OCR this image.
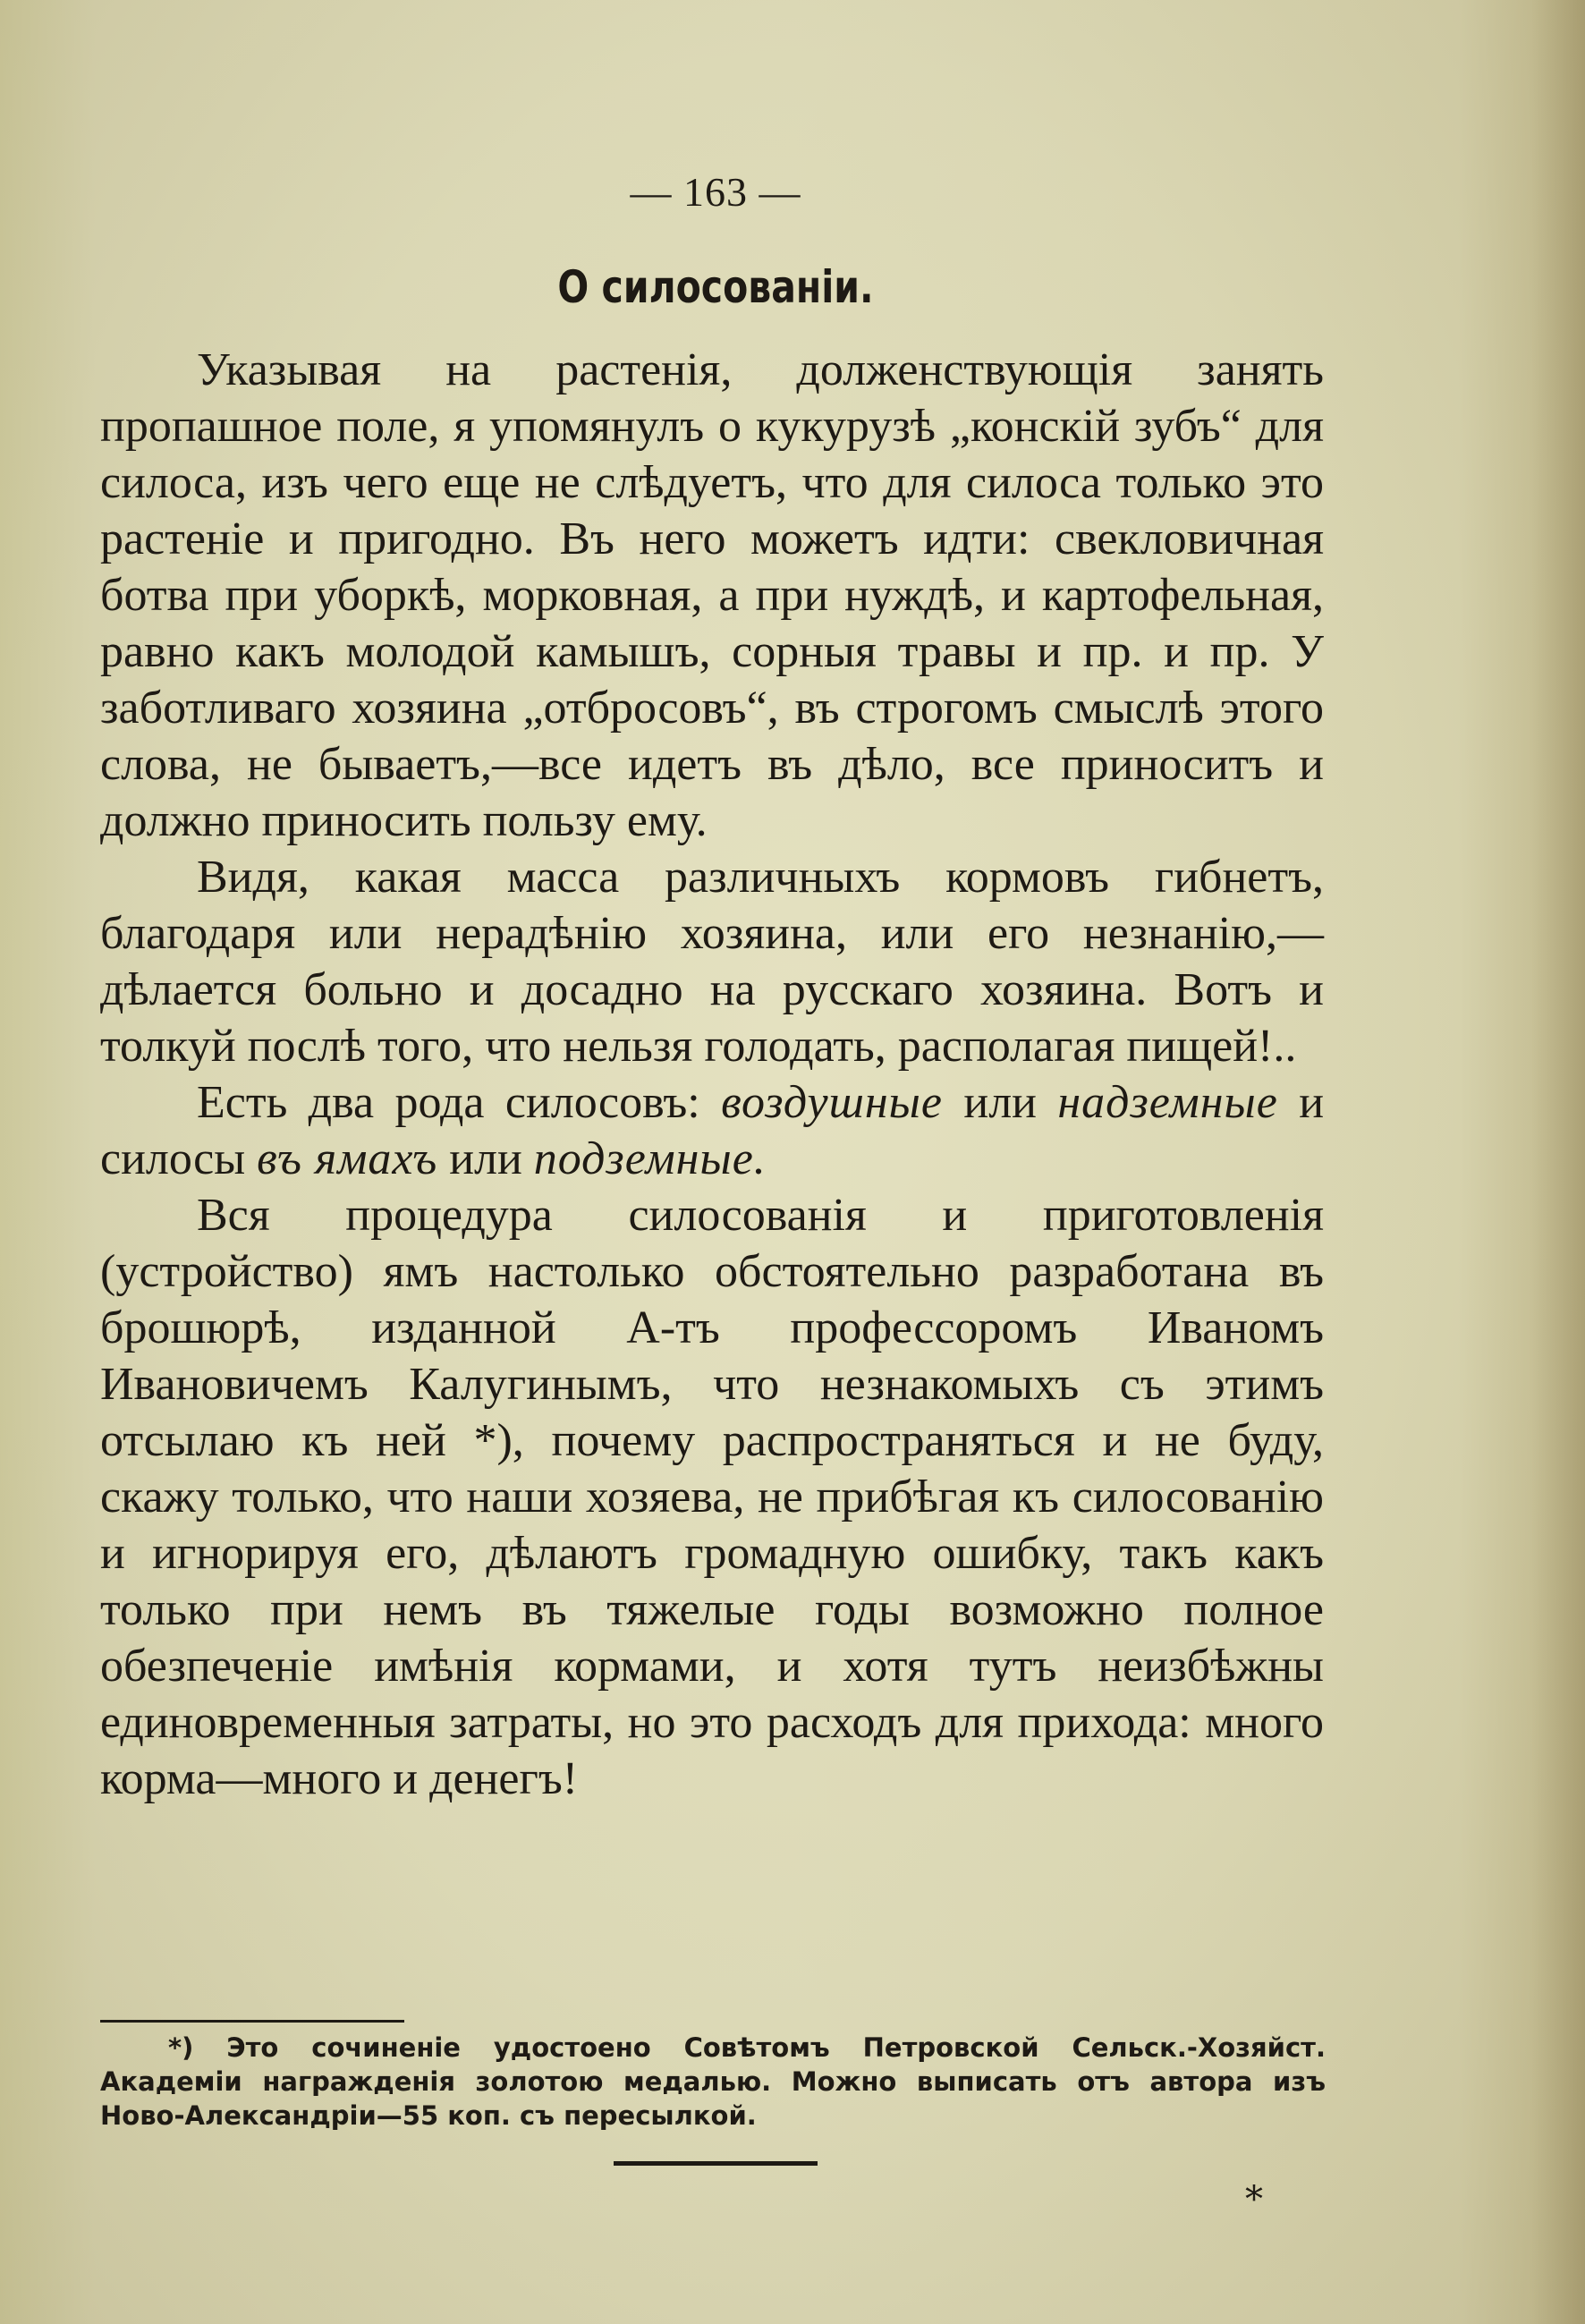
— 163 —
О силосованіи.

Указывая на растенія, долженствующія занять пропашное поле, я упомянулъ о кукурузѣ „конскій зубъ“ для силоса, изъ чего еще не слѣдуетъ, что для силоса только это растеніе и пригодно. Въ него можетъ идти: свекловичная ботва при уборкѣ, морковная, а при нуждѣ, и картофельная, равно какъ молодой камышъ, сорныя травы и пр. и пр. У заботливаго хозяина „отбросовъ“, въ строгомъ смыслѣ этого слова, не бываетъ,—все идетъ въ дѣло, все приноситъ и должно приносить пользу ему.

Видя, какая масса различныхъ кормовъ гибнетъ, благодаря или нерадѣнію хозяина, или его незнанію,—дѣлается больно и досадно на русскаго хозяина. Вотъ и толкуй послѣ того, что нельзя голодать, располагая пищей!..

Есть два рода силосовъ: воздушные или надземные и силосы въ ямахъ или подземные.

Вся процедура силосованія и приготовленія (устройство) ямъ настолько обстоятельно разработана въ брошюрѣ, изданной А-тъ профессоромъ Иваномъ Ивановичемъ Калугинымъ, что незнакомыхъ съ этимъ отсылаю къ ней *), почему распространяться и не буду, скажу только, что наши хозяева, не прибѣгая къ силосованію и игнорируя его, дѣлаютъ громадную ошибку, такъ какъ только при немъ въ тяжелые годы возможно полное обезпеченіе имѣнія кормами, и хотя тутъ неизбѣжны единовременныя затраты, но это расходъ для прихода: много корма—много и денегъ!

*) Это сочиненіе удостоено Совѣтомъ Петровской Сельск.-Хозяйст. Академіи награжденія золотою медалью. Можно выписать отъ автора изъ Ново-Александріи—55 коп. съ пересылкой.

*
